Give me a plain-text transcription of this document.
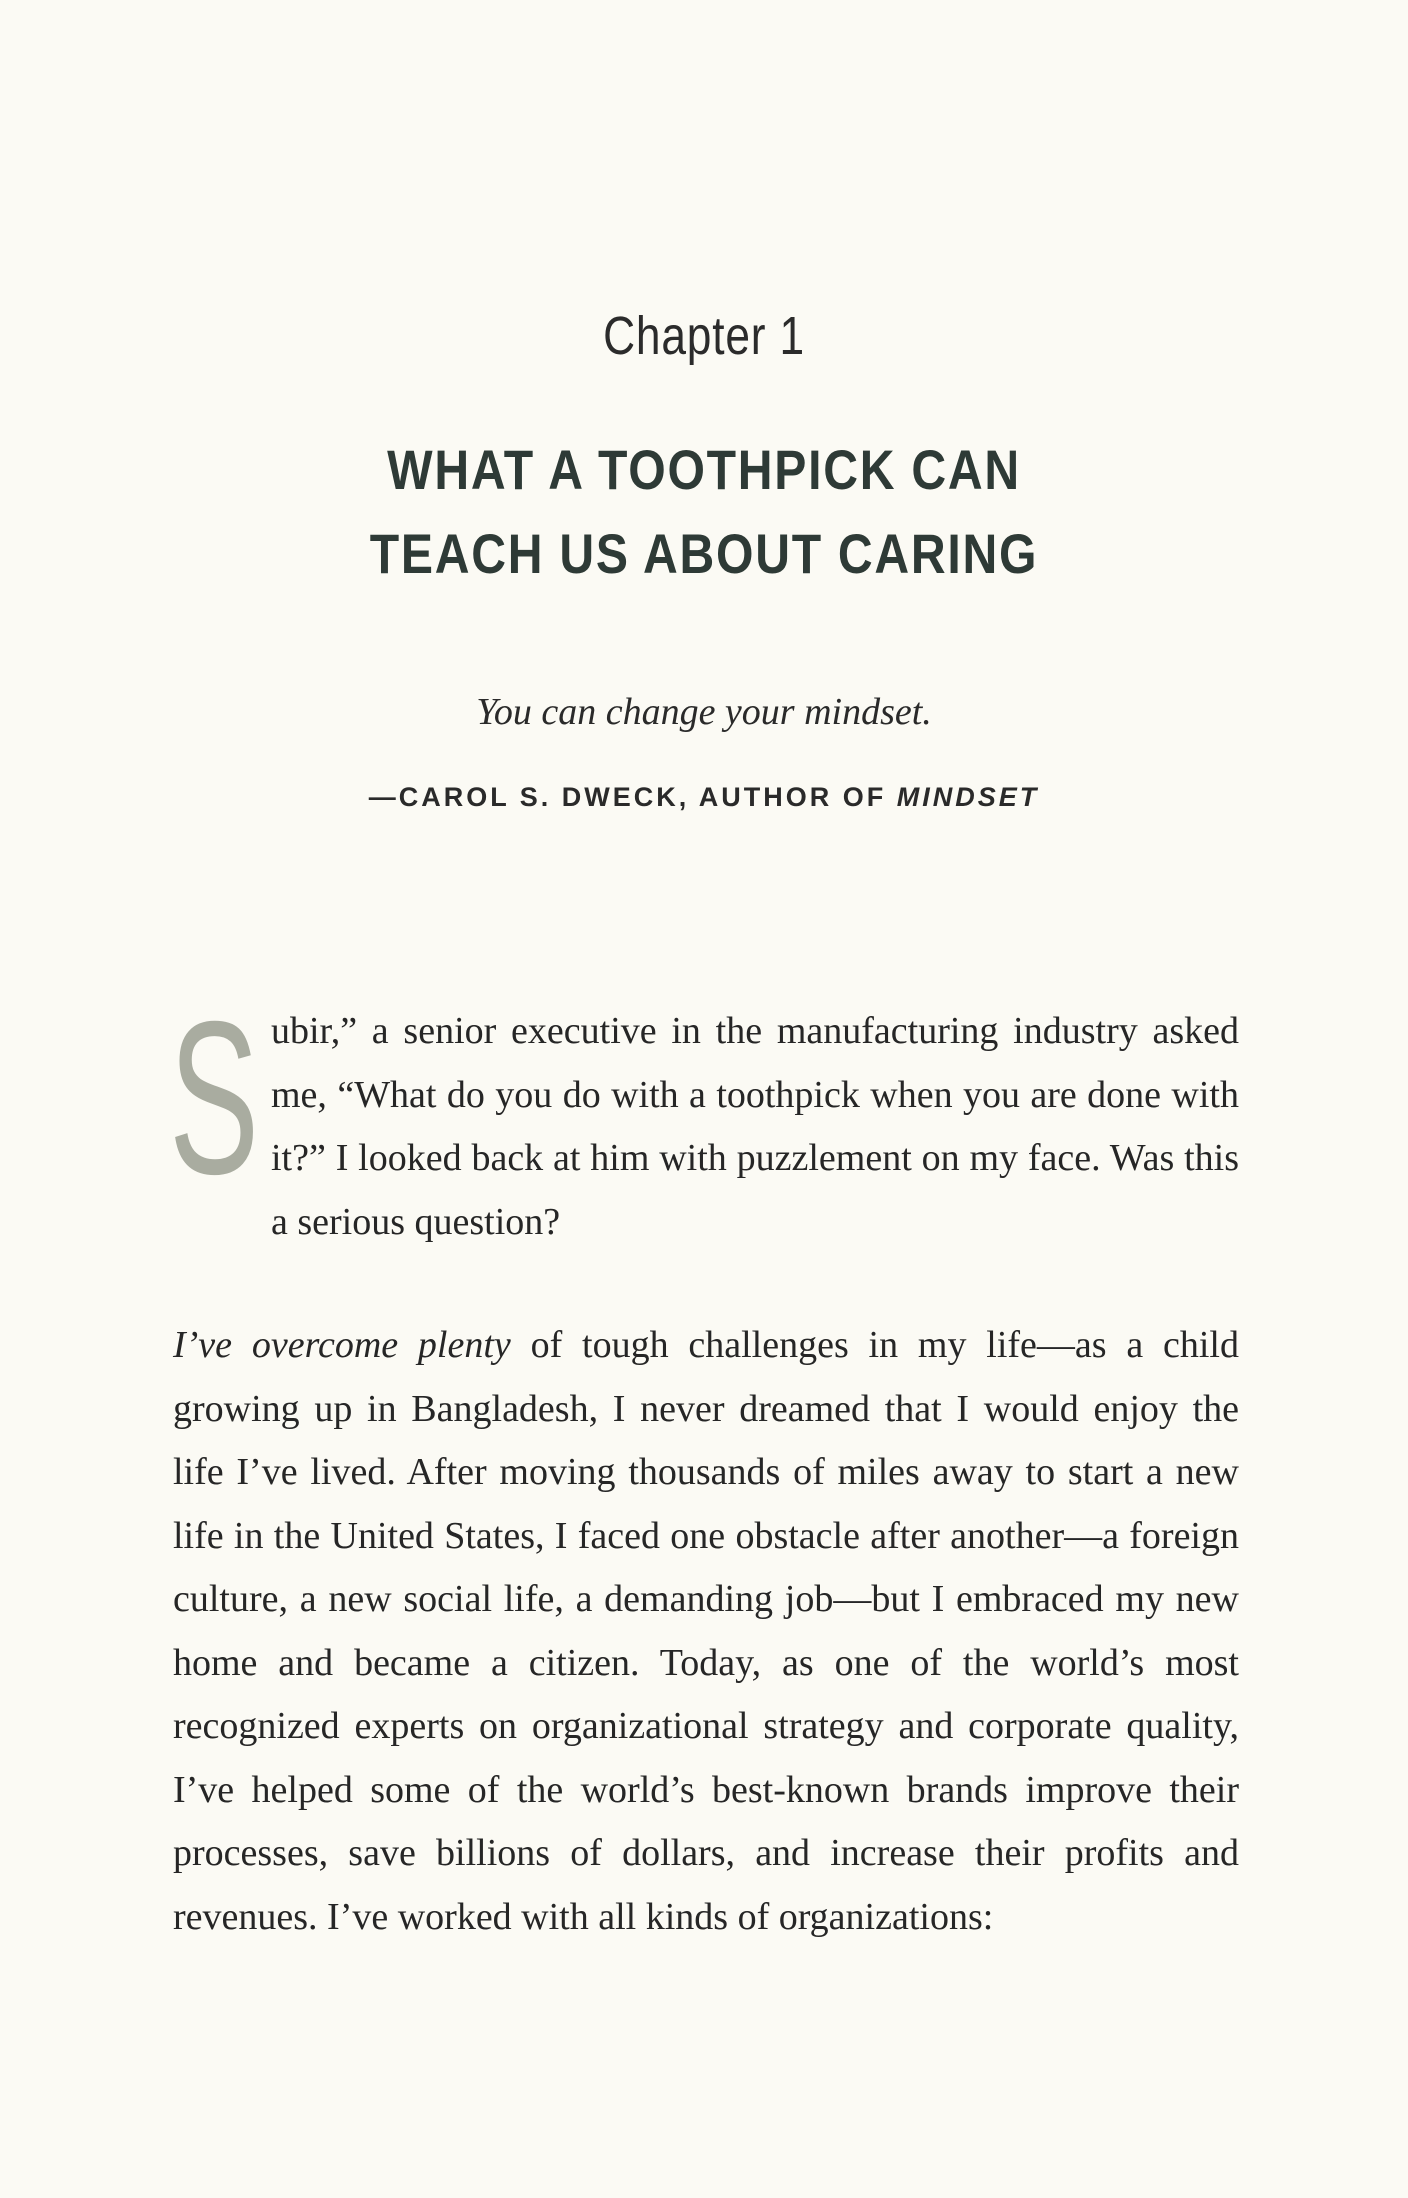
Chapter 1
WHAT A TOOTHPICK CAN
TEACH US ABOUT CARING
You can change your mindset.
—CAROL S. DWECK, AUTHOR OF MINDSET
Subir,” a senior executive in the manufacturing industry asked me, “What do you do with a toothpick when you are done with it?” I looked back at him with puzzlement on my face. Was this a serious question?
I’ve overcome plenty of tough challenges in my life—as a child growing up in Bangladesh, I never dreamed that I would enjoy the life I’ve lived. After moving thousands of miles away to start a new life in the United States, I faced one obstacle after another—a foreign culture, a new social life, a demanding job—but I embraced my new home and became a citizen. Today, as one of the world’s most recognized experts on organizational strategy and corporate quality, I’ve helped some of the world’s best-known brands improve their processes, save billions of dollars, and increase their profits and revenues. I’ve worked with all kinds of organizations:
